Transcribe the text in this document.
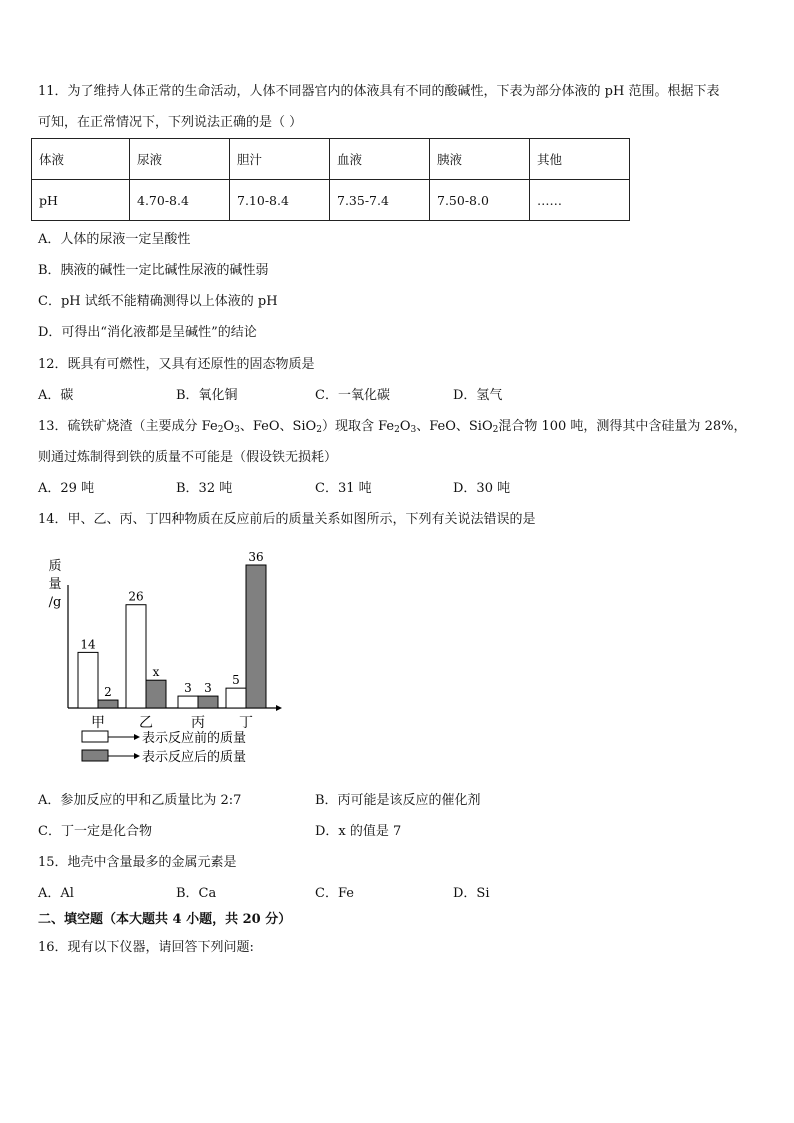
11．为了维持人体正常的生命活动，人体不同器官内的体液具有不同的酸碱性，下表为部分体液的 pH 范围。根据下表
可知，在正常情况下，下列说法正确的是（ ）
体液	尿液	胆汁	血液	胰液	其他
pH	4.70-8.4	7.10-8.4	7.35-7.4	7.50-8.0	……
A．人体的尿液一定呈酸性
B．胰液的碱性一定比碱性尿液的碱性弱
C．pH 试纸不能精确测得以上体液的 pH
D．可得出“消化液都是呈碱性”的结论
12．既具有可燃性，又具有还原性的固态物质是
A．碳	B．氧化铜	C．一氧化碳	D．氢气
13．硫铁矿烧渣（主要成分 $Fe_2O_3$、FeO、SiO$_2$）现取含 $Fe_2O_3$、FeO、SiO$_2$混合物 100 吨，测得其中含硅量为 28%，
则通过炼制得到铁的质量不可能是（假设铁无损耗）
A．29 吨	B．32 吨	C．31 吨	D．30 吨
14．甲、乙、丙、丁四种物质在反应前后的质量关系如图所示，下列有关说法错误的是
质
量
/g
14
2
甲
26
x
乙
3 3
丙
5
36
丁
表示反应前的质量
表示反应后的质量
A．参加反应的甲和乙质量比为 2:7	B．丙可能是该反应的催化剂
C．丁一定是化合物	D．x 的值是 7
15．地壳中含量最多的金属元素是
A．Al	B．Ca	C．Fe	D．Si
二、填空题（本大题共 4 小题，共 20 分）
16．现有以下仪器，请回答下列问题:
